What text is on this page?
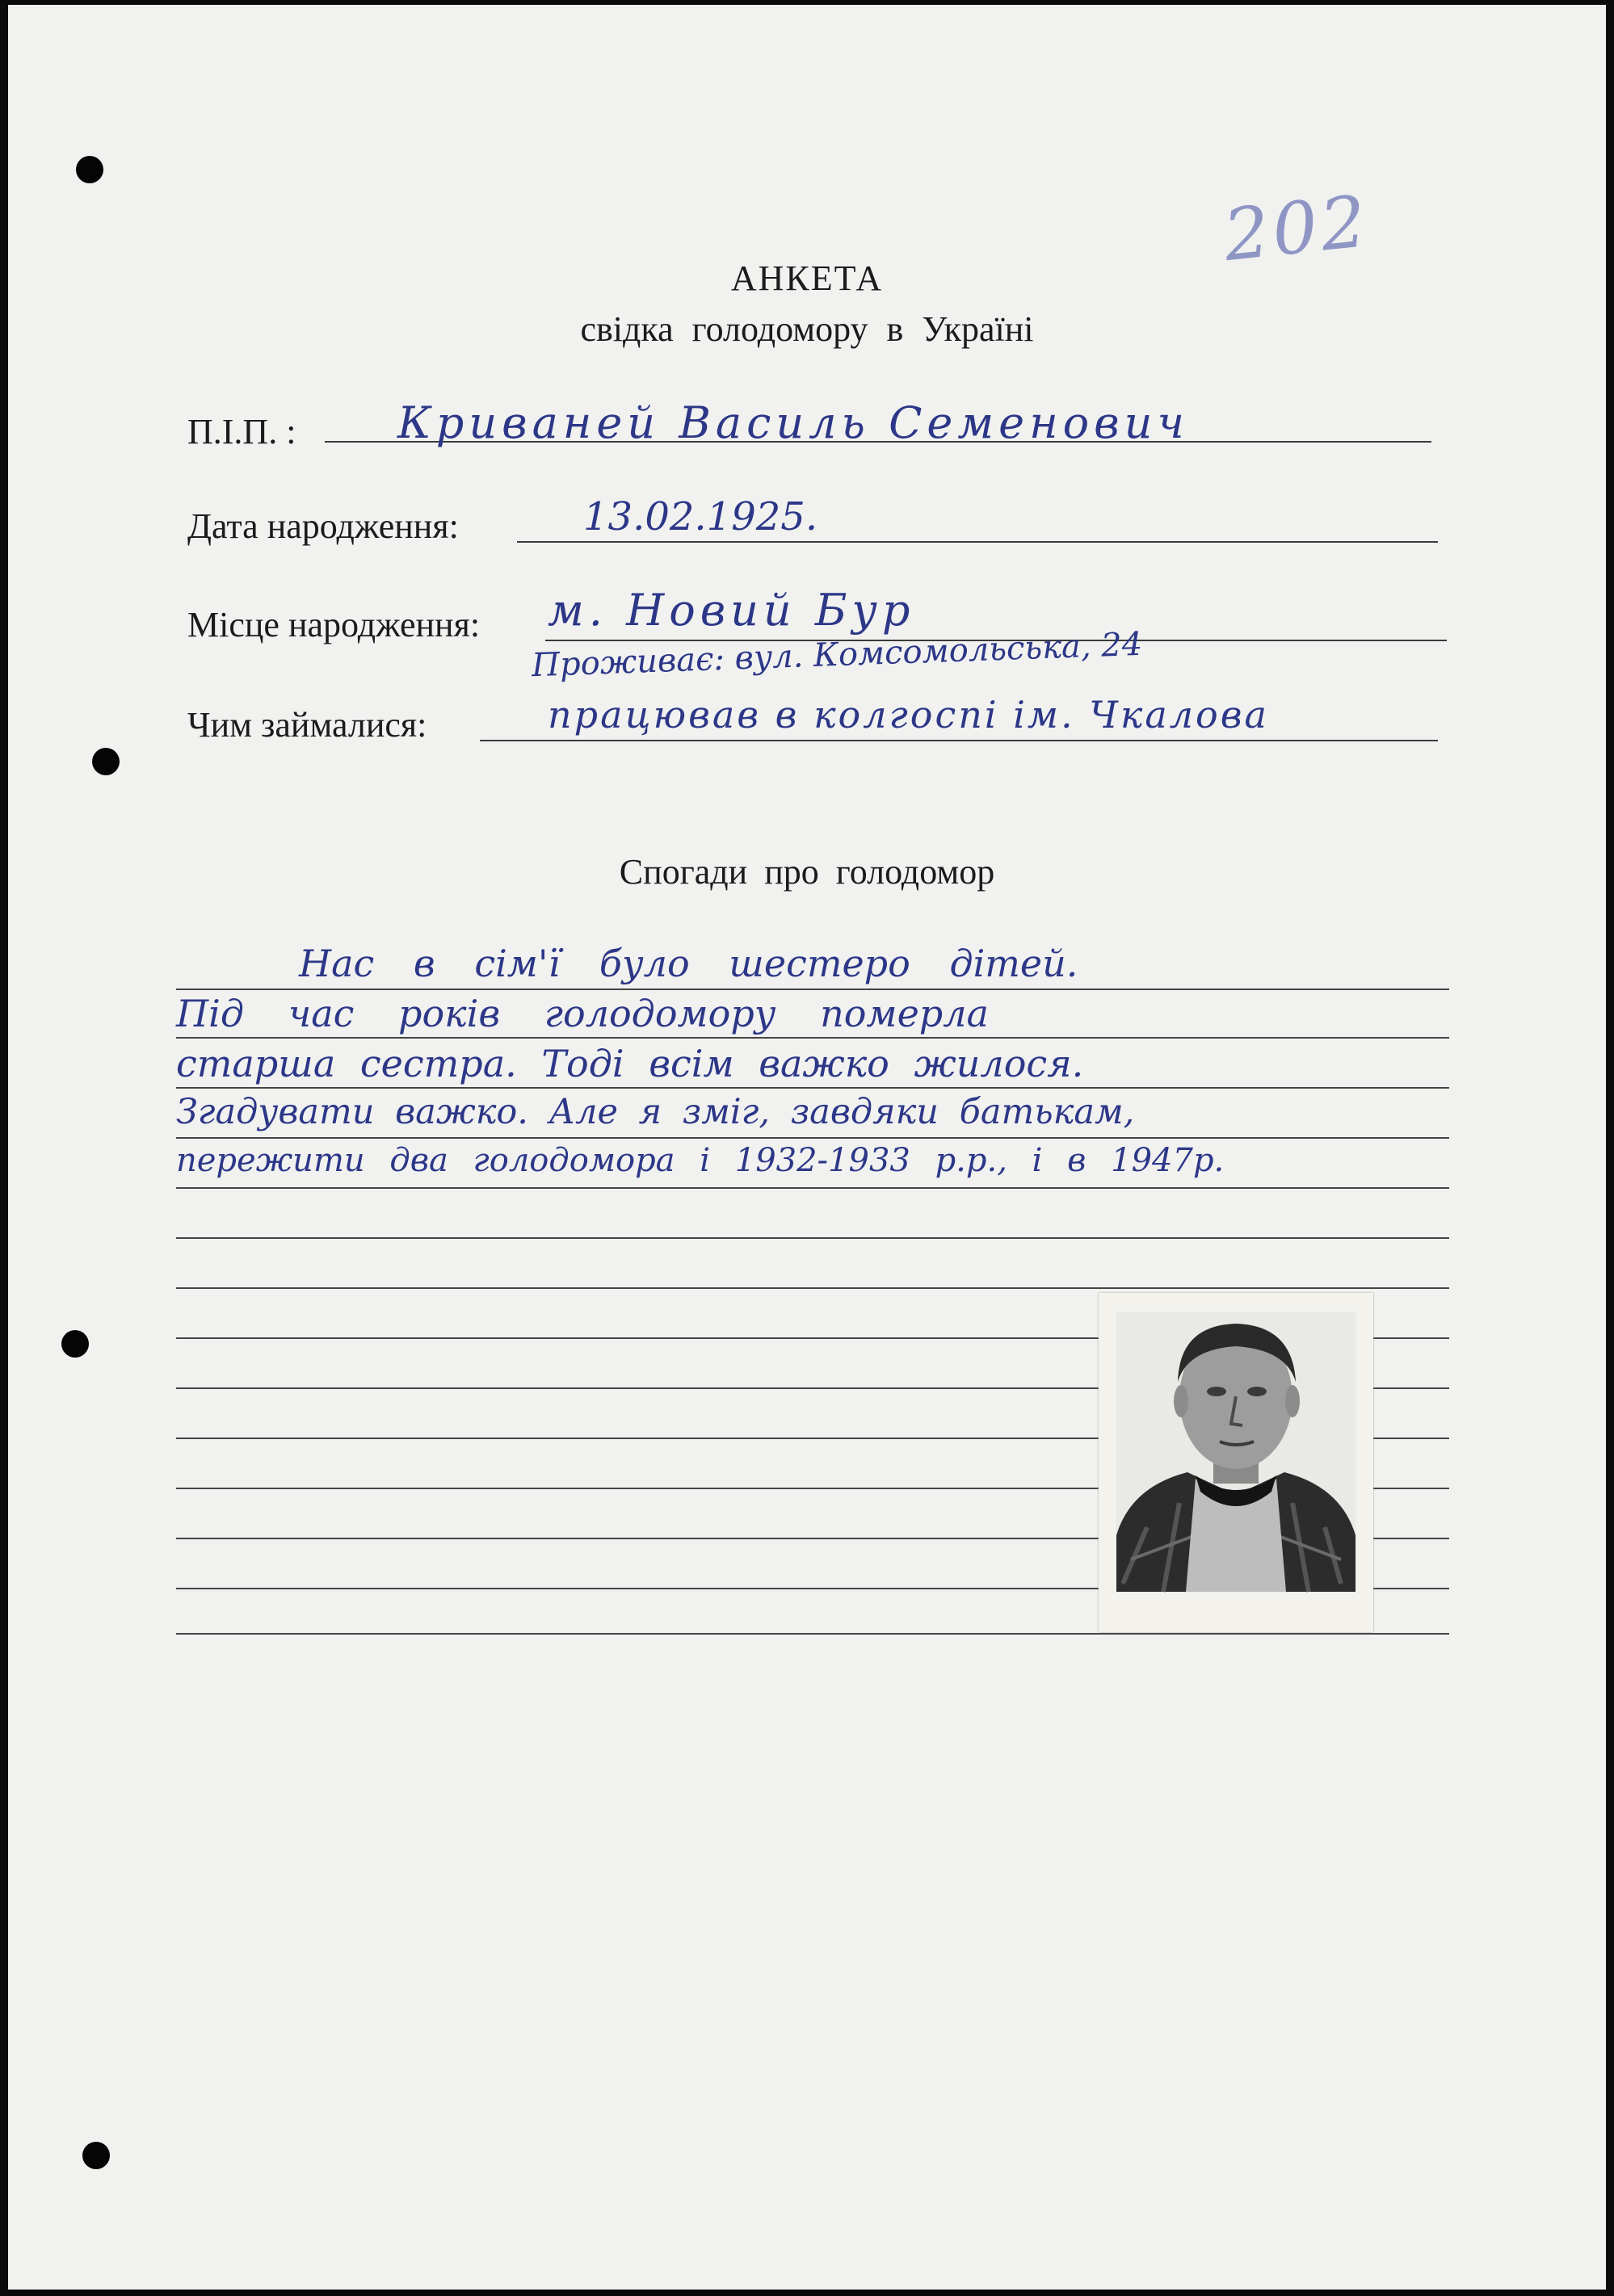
202
АНКЕТА
свідка голодомору в Україні
П.І.П. : Криваней Василь Семенович
Дата народження:	13.02.1925.
Місце народження: м. Новий Бур
Проживає: вул. Комсомольська, 24
Чим займалися:	працював в колгоспі ім. Чкалова
Спогади про голодомор
Нас в сім'ї було шестеро дітей.
Під час років голодомору померла
старша сестра. Тоді всім важко жилося.
Згадувати важко. Але я зміг, завдяки батькам,
пережити два голодомора і 1932-1933 р.р., і в 1947р.
